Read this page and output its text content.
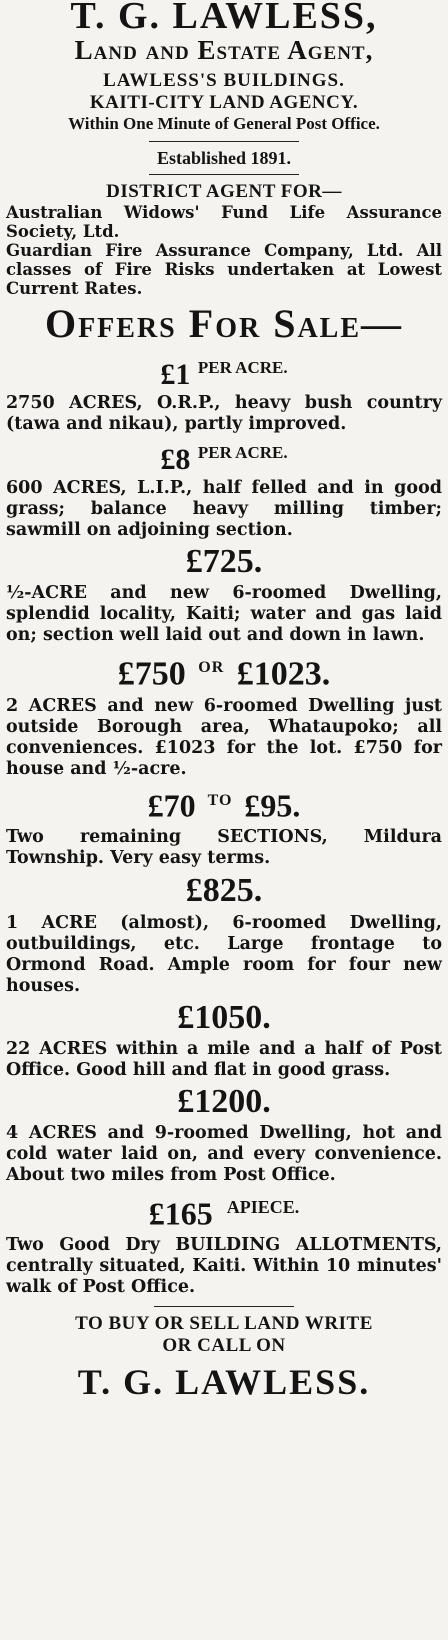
T. G. LAWLESS,
Land and Estate Agent,
LAWLESS'S BUILDINGS.
KAITI-CITY LAND AGENCY.
Within One Minute of General Post Office.
Established 1891.
DISTRICT AGENT FOR—

Australian Widows' Fund Life Assurance Society, Ltd.

Guardian Fire Assurance Company, Ltd. All classes of Fire Risks undertaken at Lowest Current Rates.

Offers For Sale—
£1 $^{PER ACRE.}$

2750 ACRES, O.R.P., heavy bush country (tawa and nikau), partly improved.

£8 $^{PER ACRE.}$

600 ACRES, L.I.P., half felled and in good grass; balance heavy milling timber; sawmill on adjoining section.

£725.

½-ACRE and new 6-roomed Dwelling, splendid locality, Kaiti; water and gas laid on; section well laid out and down in lawn.

£750 $^{OR}$ £1023.

2 ACRES and new 6-roomed Dwelling just outside Borough area, Whataupoko; all conveniences. £1023 for the lot. £750 for house and ½-acre.

£70 $^{TO}$ £95.

Two remaining SECTIONS, Mildura Township. Very easy terms.

£825.

1 ACRE (almost), 6-roomed Dwelling, outbuildings, etc. Large frontage to Ormond Road. Ample room for four new houses.

£1050.

22 ACRES within a mile and a half of Post Office. Good hill and flat in good grass.

£1200.

4 ACRES and 9-roomed Dwelling, hot and cold water laid on, and every convenience. About two miles from Post Office.

£165 $^{APIECE.}$

Two Good Dry BUILDING ALLOTMENTS, centrally situated, Kaiti. Within 10 minutes' walk of Post Office.

TO BUY OR SELL LAND WRITE
OR CALL ON
T. G. LAWLESS.
